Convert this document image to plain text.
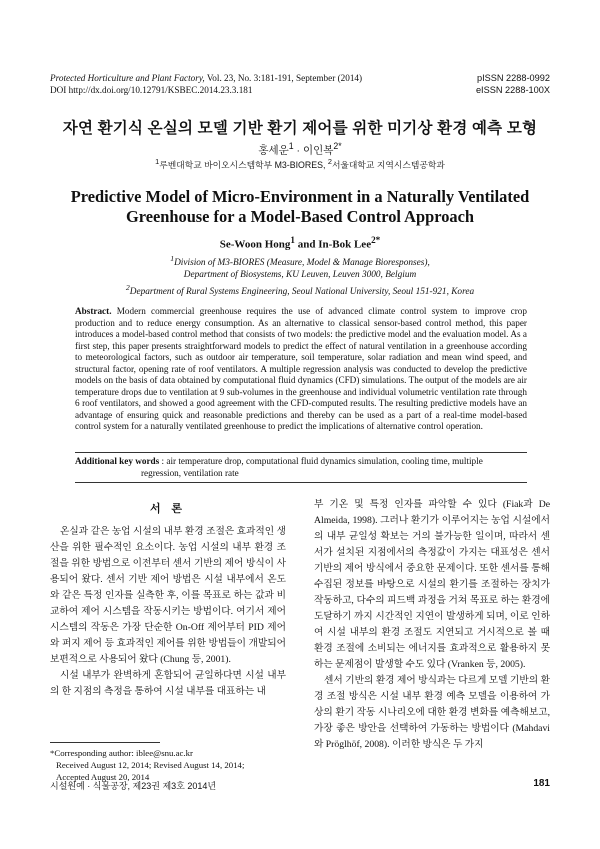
Protected Horticulture and Plant Factory, Vol. 23, No. 3:181-191, September (2014)
DOI http://dx.doi.org/10.12791/KSBEC.2014.23.3.181
pISSN 2288-0992
eISSN 2288-100X
자연 환기식 온실의 모델 기반 환기 제어를 위한 미기상 환경 예측 모형
홍세운$^1$ · 이인복$^{2*}$
$^1$루벤대학교 바이오시스템학부 M3-BIORES, $^2$서울대학교 지역시스템공학과
Predictive Model of Micro-Environment in a Naturally Ventilated Greenhouse for a Model-Based Control Approach
Se-Woon Hong$^1$ and In-Bok Lee$^{2*}$
$^1$Division of M3-BIORES (Measure, Model & Manage Bioresponses),
Department of Biosystems, KU Leuven, Leuven 3000, Belgium
$^2$Department of Rural Systems Engineering, Seoul National University, Seoul 151-921, Korea
Abstract. Modern commercial greenhouse requires the use of advanced climate control system to improve crop production and to reduce energy consumption. As an alternative to classical sensor-based control method, this paper introduces a model-based control method that consists of two models: the predictive model and the evaluation model. As a first step, this paper presents straightforward models to predict the effect of natural ventilation in a greenhouse according to meteorological factors, such as outdoor air temperature, soil temperature, solar radiation and mean wind speed, and structural factor, opening rate of roof ventilators. A multiple regression analysis was conducted to develop the predictive models on the basis of data obtained by computational fluid dynamics (CFD) simulations. The output of the models are air temperature drops due to ventilation at 9 sub-volumes in the greenhouse and individual volumetric ventilation rate through 6 roof ventilators, and showed a good agreement with the CFD-computed results. The resulting predictive models have an advantage of ensuring quick and reasonable predictions and thereby can be used as a part of a real-time model-based control system for a naturally ventilated greenhouse to predict the implications of alternative control operation.
Additional key words : air temperature drop, computational fluid dynamics simulation, cooling time, multiple
regression, ventilation rate
서 론

온실과 같은 농업 시설의 내부 환경 조절은 효과적인 생산을 위한 필수적인 요소이다. 농업 시설의 내부 환경 조절을 위한 방법으로 이전부터 센서 기반의 제어 방식이 사용되어 왔다. 센서 기반 제어 방법은 시설 내부에서 온도와 같은 특정 인자를 실측한 후, 이를 목표로 하는 값과 비교하여 제어 시스템을 작동시키는 방법이다. 여기서 제어 시스템의 작동은 가장 단순한 On-Off 제어부터 PID 제어와 퍼지 제어 등 효과적인 제어를 위한 방법들이 개발되어 보편적으로 사용되어 왔다 (Chung 등, 2001).

시설 내부가 완벽하게 혼합되어 균일하다면 시설 내부의 한 지점의 측정을 통하여 시설 내부를 대표하는 내

부 기온 및 특정 인자를 파악할 수 있다 (Fiak과 De Almeida, 1998). 그러나 환기가 이루어지는 농업 시설에서의 내부 균일성 확보는 거의 불가능한 일이며, 따라서 센서가 설치된 지점에서의 측정값이 가지는 대표성은 센서 기반의 제어 방식에서 중요한 문제이다. 또한 센서를 통해 수집된 정보를 바탕으로 시설의 환기를 조절하는 장치가 작동하고, 다수의 피드백 과정을 거쳐 목표로 하는 환경에 도달하기 까지 시간적인 지연이 발생하게 되며, 이로 인하여 시설 내부의 환경 조절도 지연되고 거시적으로 볼 때 환경 조절에 소비되는 에너지를 효과적으로 활용하지 못하는 문제점이 발생할 수도 있다 (Vranken 등, 2005).

센서 기반의 환경 제어 방식과는 다르게 모델 기반의 환경 조절 방식은 시설 내부 환경 예측 모델을 이용하여 가상의 환기 작동 시나리오에 대한 환경 변화를 예측해보고, 가장 좋은 방안을 선택하여 가동하는 방법이다 (Mahdavi와 Pröglhöf, 2008). 이러한 방식은 두 가지

*Corresponding author: iblee@snu.ac.kr
Received August 12, 2014; Revised August 14, 2014;
Accepted August 20, 2014
시설원예 · 식물공장, 제23권 제3호 2014년	181
